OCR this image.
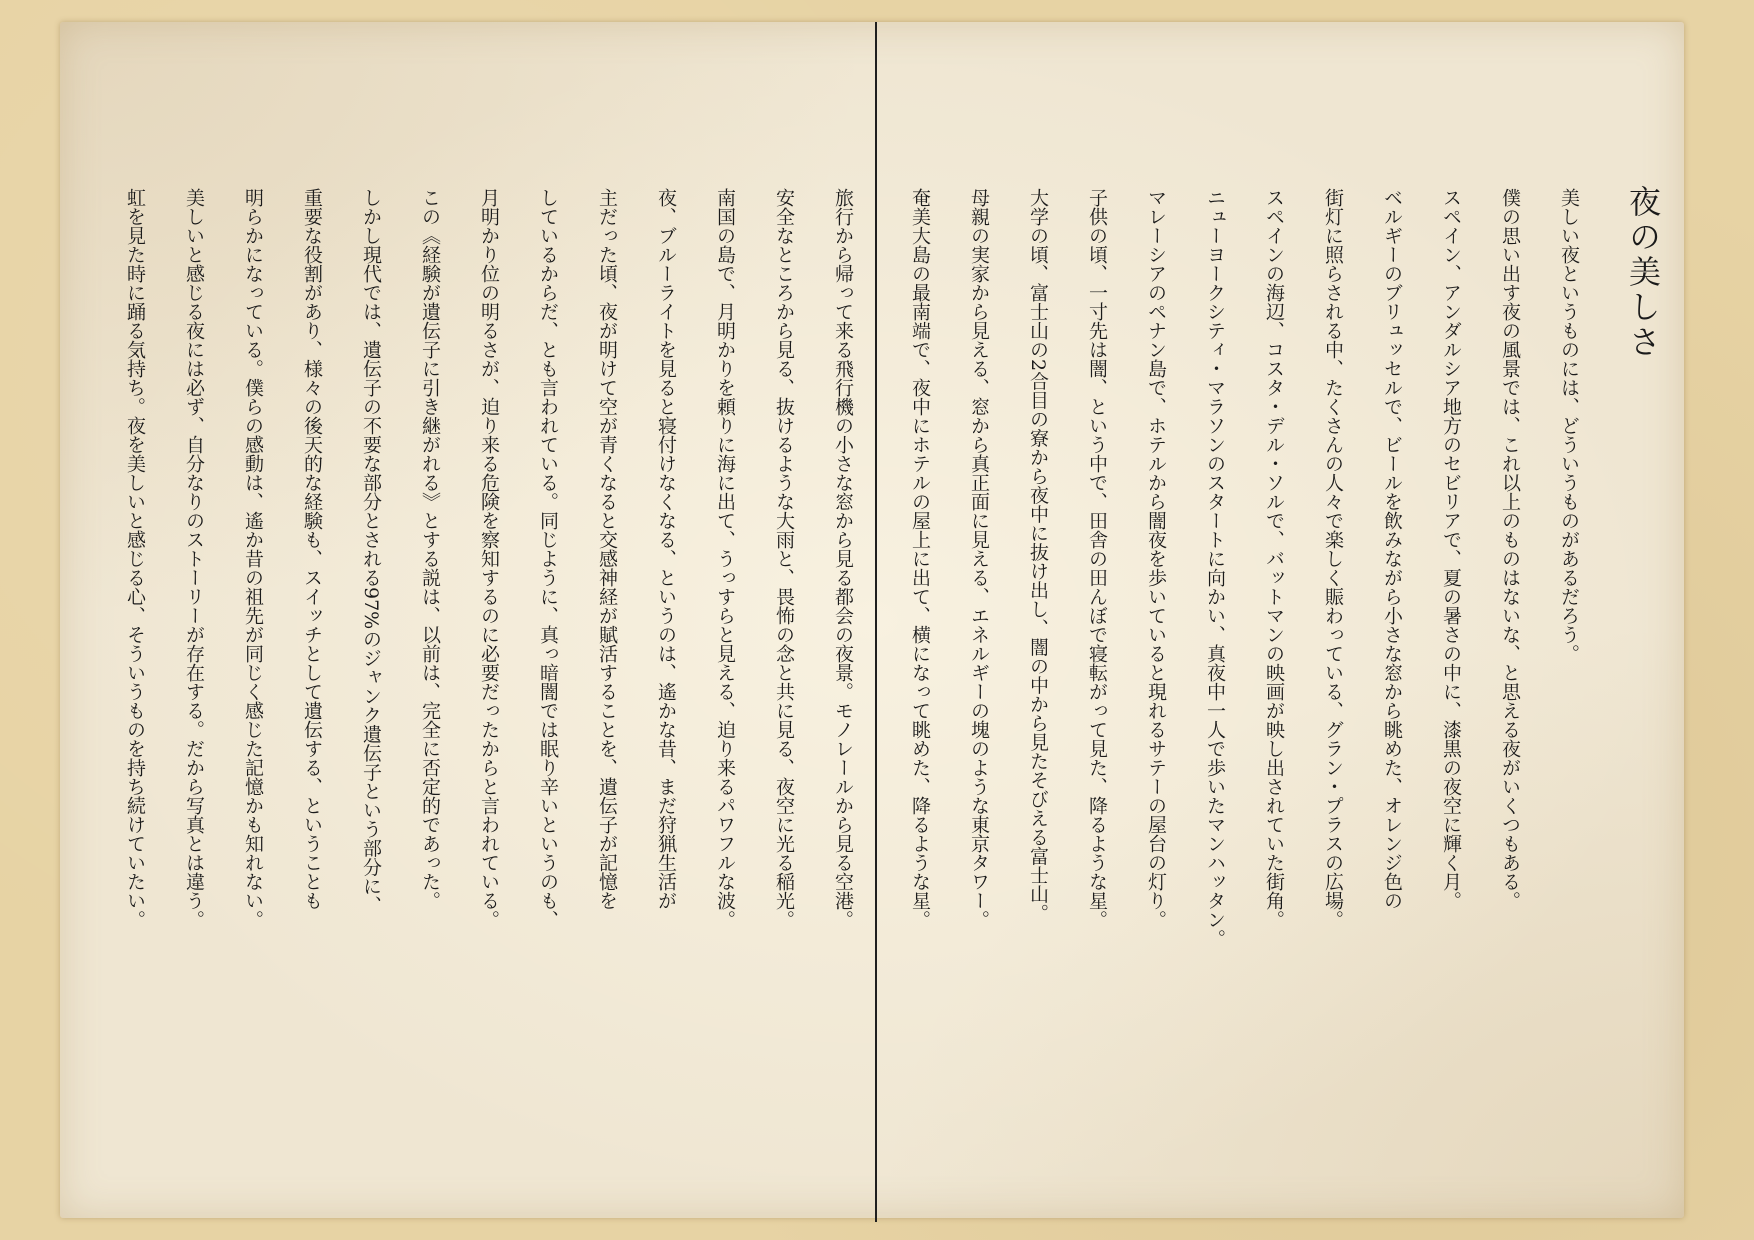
夜の美しさ
美しい夜というものには、どういうものがあるだろう。
僕の思い出す夜の風景では、これ以上のものはないな、と思える夜がいくつもある。
スペイン、アンダルシア地方のセビリアで、夏の暑さの中に、漆黒の夜空に輝く月。
ベルギーのブリュッセルで、ビールを飲みながら小さな窓から眺めた、オレンジ色の
街灯に照らされる中、たくさんの人々で楽しく賑わっている、グラン・プラスの広場。
スペインの海辺、コスタ・デル・ソルで、バットマンの映画が映し出されていた街角。
ニューヨークシティ・マラソンのスタートに向かい、真夜中一人で歩いたマンハッタン。
マレーシアのペナン島で、ホテルから闇夜を歩いていると現れるサテーの屋台の灯り。
子供の頃、一寸先は闇、という中で、田舎の田んぼで寝転がって見た、降るような星。
大学の頃、富士山の2合目の寮から夜中に抜け出し、闇の中から見たそびえる富士山。
母親の実家から見える、窓から真正面に見える、エネルギーの塊のような東京タワー。
奄美大島の最南端で、夜中にホテルの屋上に出て、横になって眺めた、降るような星。
旅行から帰って来る飛行機の小さな窓から見る都会の夜景。モノレールから見る空港。
安全なところから見る、抜けるような大雨と、畏怖の念と共に見る、夜空に光る稲光。
南国の島で、月明かりを頼りに海に出て、うっすらと見える、迫り来るパワフルな波。
夜、ブルーライトを見ると寝付けなくなる、というのは、遙かな昔、まだ狩猟生活が
主だった頃、夜が明けて空が青くなると交感神経が賦活することを、遺伝子が記憶を
しているからだ、とも言われている。同じように、真っ暗闇では眠り辛いというのも、
月明かり位の明るさが、迫り来る危険を察知するのに必要だったからと言われている。
この《経験が遺伝子に引き継がれる》とする説は、以前は、完全に否定的であった。
しかし現代では、遺伝子の不要な部分とされる97%のジャンク遺伝子という部分に、
重要な役割があり、様々の後天的な経験も、スイッチとして遺伝する、ということも
明らかになっている。僕らの感動は、遙か昔の祖先が同じく感じた記憶かも知れない。
美しいと感じる夜には必ず、自分なりのストーリーが存在する。だから写真とは違う。
虹を見た時に踊る気持ち。夜を美しいと感じる心、そういうものを持ち続けていたい。
